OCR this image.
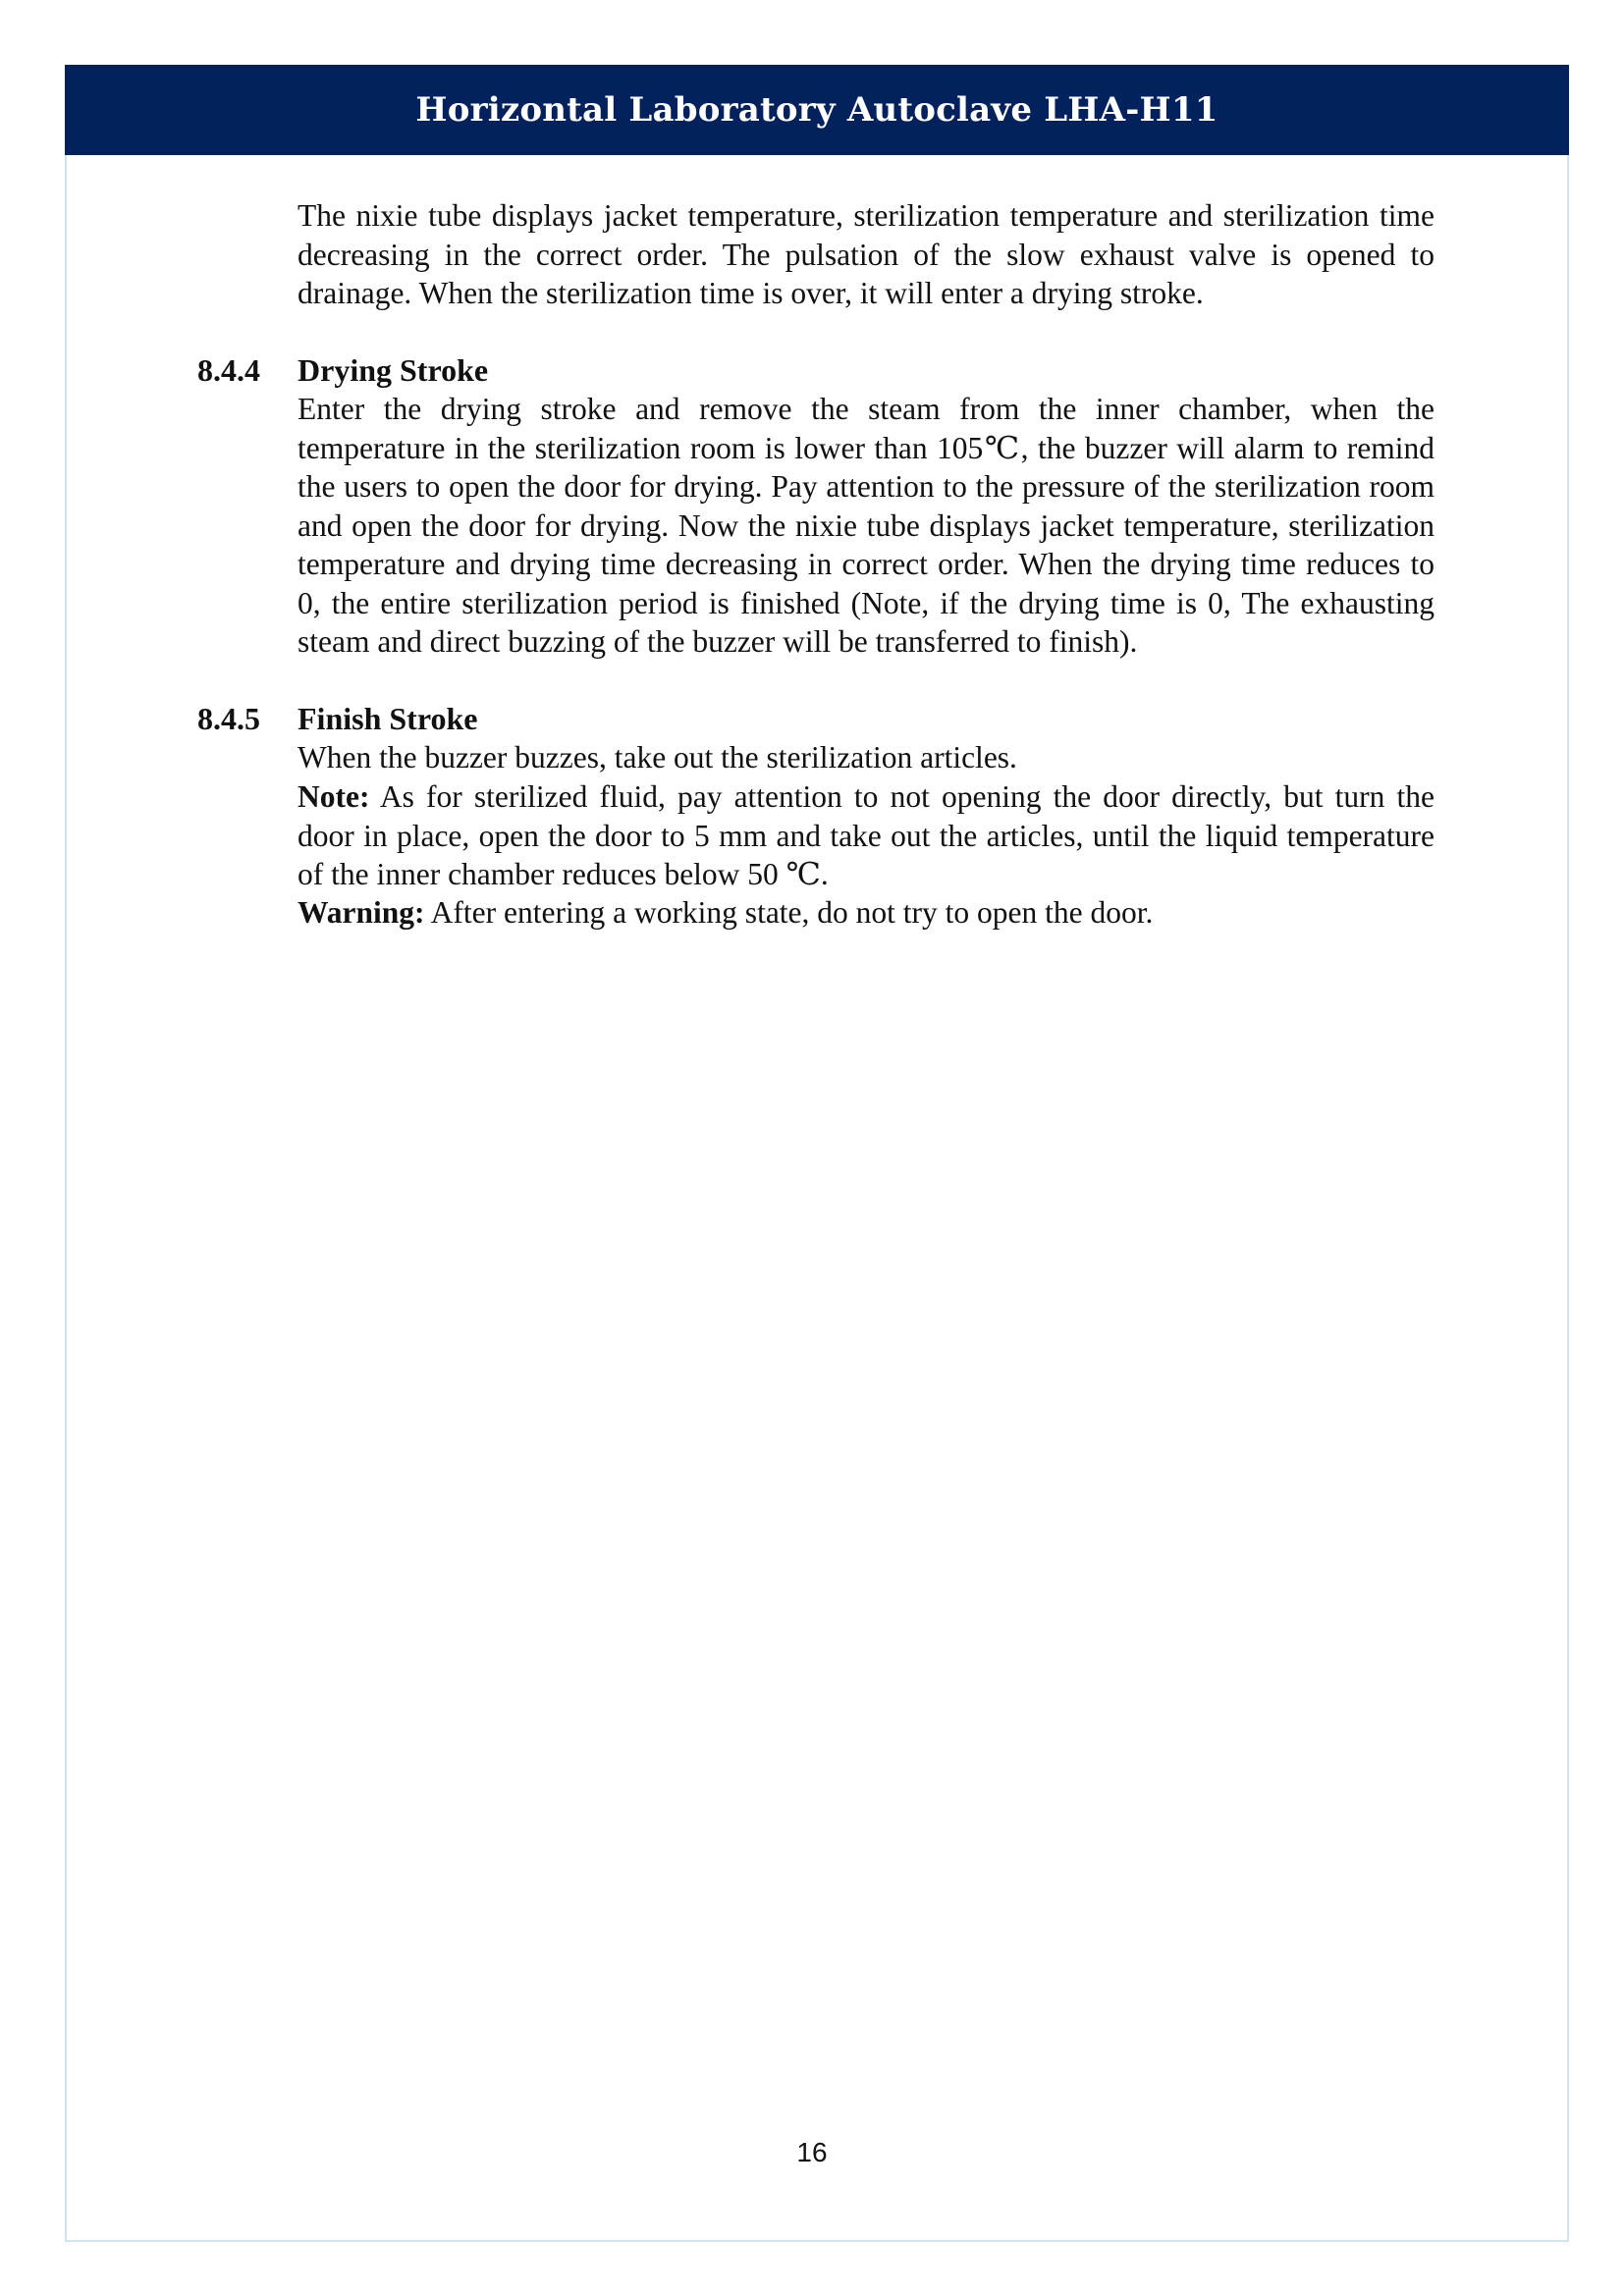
Horizontal Laboratory Autoclave LHA-H11
The nixie tube displays jacket temperature, sterilization temperature and sterilization time decreasing in the correct order. The pulsation of the slow exhaust valve is opened to drainage. When the sterilization time is over, it will enter a drying stroke.
8.4.4 Drying Stroke
Enter the drying stroke and remove the steam from the inner chamber, when the temperature in the sterilization room is lower than 105℃, the buzzer will alarm to remind the users to open the door for drying. Pay attention to the pressure of the sterilization room and open the door for drying. Now the nixie tube displays jacket temperature, sterilization temperature and drying time decreasing in correct order. When the drying time reduces to 0, the entire sterilization period is finished (Note, if the drying time is 0, The exhausting steam and direct buzzing of the buzzer will be transferred to finish).
8.4.5 Finish Stroke
When the buzzer buzzes, take out the sterilization articles.
Note: As for sterilized fluid, pay attention to not opening the door directly, but turn the door in place, open the door to 5 mm and take out the articles, until the liquid temperature of the inner chamber reduces below 50 ℃.
Warning: After entering a working state, do not try to open the door.
16
